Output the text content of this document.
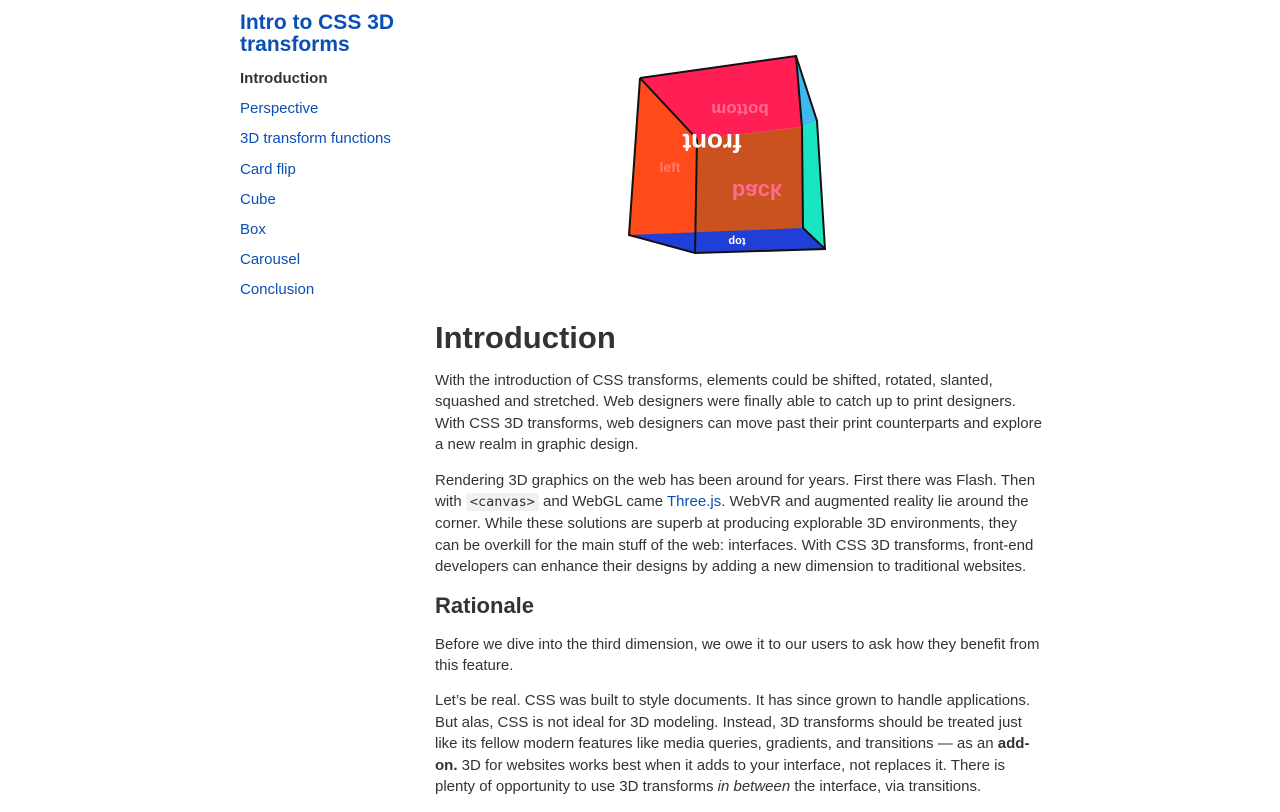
Intro to CSS 3D transforms
Introduction
Perspective
3D transform functions
Card flip
Cube
Box
Carousel
Conclusion
bottom
front
back
left
top
Introduction

With the introduction of CSS transforms, elements could be shifted, rotated, slanted, squashed and stretched. Web designers were finally able to catch up to print designers. With CSS 3D transforms, web designers can move past their print counterparts and explore a new realm in graphic design.

Rendering 3D graphics on the web has been around for years. First there was Flash. Then with <canvas> and WebGL came Three.js. WebVR and augmented reality lie around the corner. While these solutions are superb at producing explorable 3D environments, they can be overkill for the main stuff of the web: interfaces. With CSS 3D transforms, front-end developers can enhance their designs by adding a new dimension to traditional websites.

Rationale

Before we dive into the third dimension, we owe it to our users to ask how they benefit from this feature.

Let’s be real. CSS was built to style documents. It has since grown to handle applications. But alas, CSS is not ideal for 3D modeling. Instead, 3D transforms should be treated just like its fellow modern features like media queries, gradients, and transitions — as an add-on. 3D for websites works best when it adds to your interface, not replaces it. There is plenty of opportunity to use 3D transforms in between the interface, via transitions.
